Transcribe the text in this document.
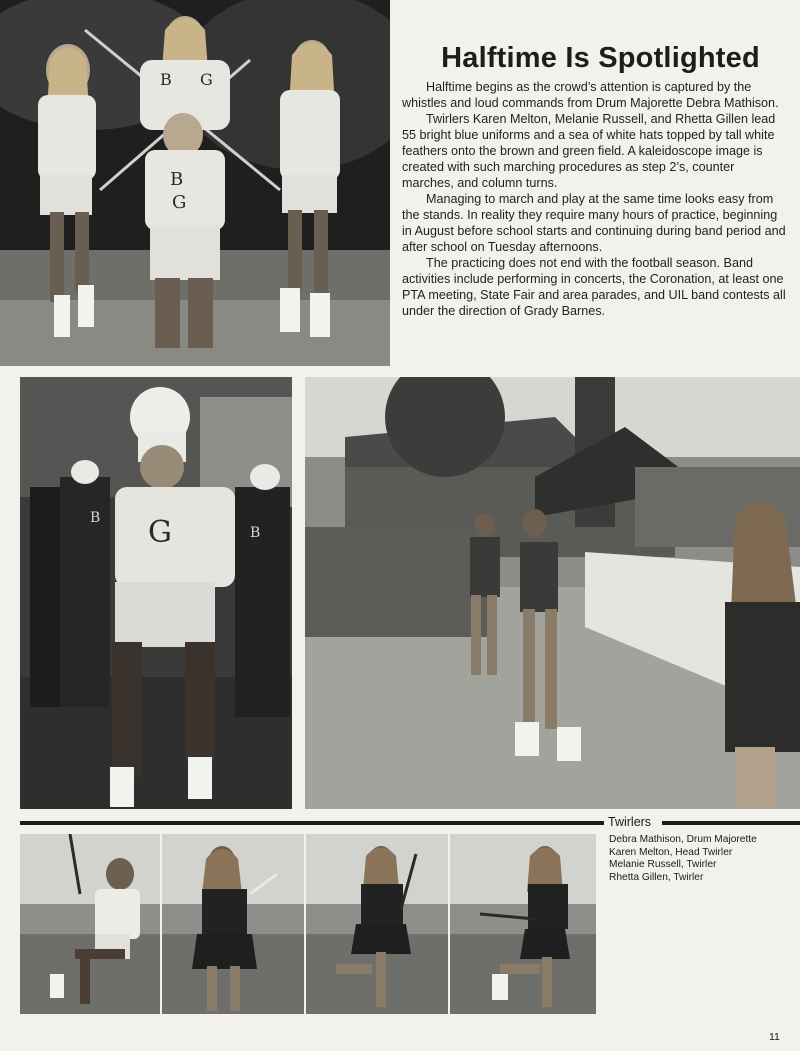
B G
B
G
Halftime Is Spotlighted

Halftime begins as the crowd’s attention is captured by the whistles and loud commands from Drum Majorette Debra Mathison.

Twirlers Karen Melton, Melanie Russell, and Rhetta Gillen lead 55 bright blue uniforms and a sea of white hats topped by tall white feathers onto the brown and green field. A kaleidoscope image is created with such marching procedures as step 2’s, counter marches, and column turns.

Managing to march and play at the same time looks easy from the stands. In reality they require many hours of practice, beginning in August before school starts and continuing during band period and after school on Tuesday afternoons.

The practicing does not end with the football season. Band activities include performing in concerts, the Coronation, at least one PTA meeting, State Fair and area parades, and UIL band contests all under the direction of Grady Barnes.

G	B
B
Twirlers
Debra Mathison, Drum Majorette
Karen Melton, Head Twirler
Melanie Russell, Twirler
Rhetta Gillen, Twirler
11
